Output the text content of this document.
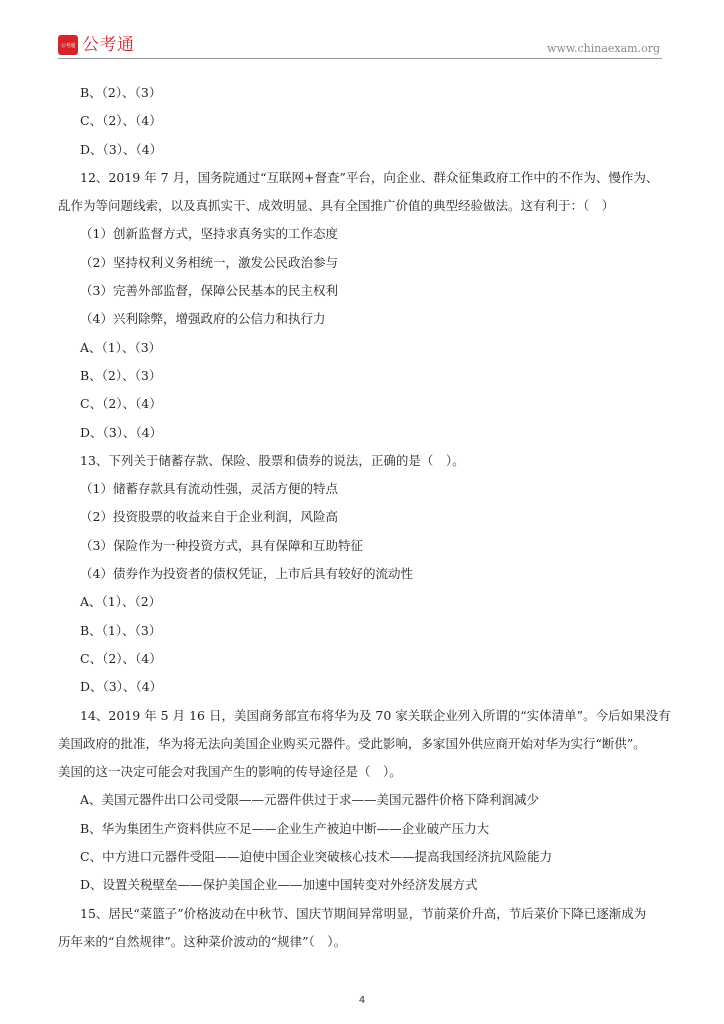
公考通 公考通	www.chinaexam.org
B、（2）、（3）
C、（2）、（4）
D、（3）、（4）
12、2019 年 7 月，国务院通过“互联网+督查”平台，向企业、群众征集政府工作中的不作为、慢作为、
乱作为等问题线索，以及真抓实干、成效明显、具有全国推广价值的典型经验做法。这有利于：（　）
（1）创新监督方式，坚持求真务实的工作态度
（2）坚持权利义务相统一，激发公民政治参与
（3）完善外部监督，保障公民基本的民主权利
（4）兴利除弊，增强政府的公信力和执行力
A、（1）、（3）
B、（2）、（3）
C、（2）、（4）
D、（3）、（4）
13、下列关于储蓄存款、保险、股票和债券的说法，正确的是（　）。
（1）储蓄存款具有流动性强，灵活方便的特点
（2）投资股票的收益来自于企业利润，风险高
（3）保险作为一种投资方式，具有保障和互助特征
（4）债券作为投资者的债权凭证，上市后具有较好的流动性
A、（1）、（2）
B、（1）、（3）
C、（2）、（4）
D、（3）、（4）
14、2019 年 5 月 16 日，美国商务部宣布将华为及 70 家关联企业列入所谓的“实体清单”。今后如果没有
美国政府的批准，华为将无法向美国企业购买元器件。受此影响，多家国外供应商开始对华为实行“断供”。
美国的这一决定可能会对我国产生的影响的传导途径是（　）。
A、美国元器件出口公司受限——元器件供过于求——美国元器件价格下降利润减少
B、华为集团生产资料供应不足——企业生产被迫中断——企业破产压力大
C、中方进口元器件受阻——迫使中国企业突破核心技术——提高我国经济抗风险能力
D、设置关税壁垒——保护美国企业——加速中国转变对外经济发展方式
15、居民“菜篮子”价格波动在中秋节、国庆节期间异常明显，节前菜价升高，节后菜价下降已逐渐成为
历年来的“自然规律”。这种菜价波动的“规律”（　）。
4
